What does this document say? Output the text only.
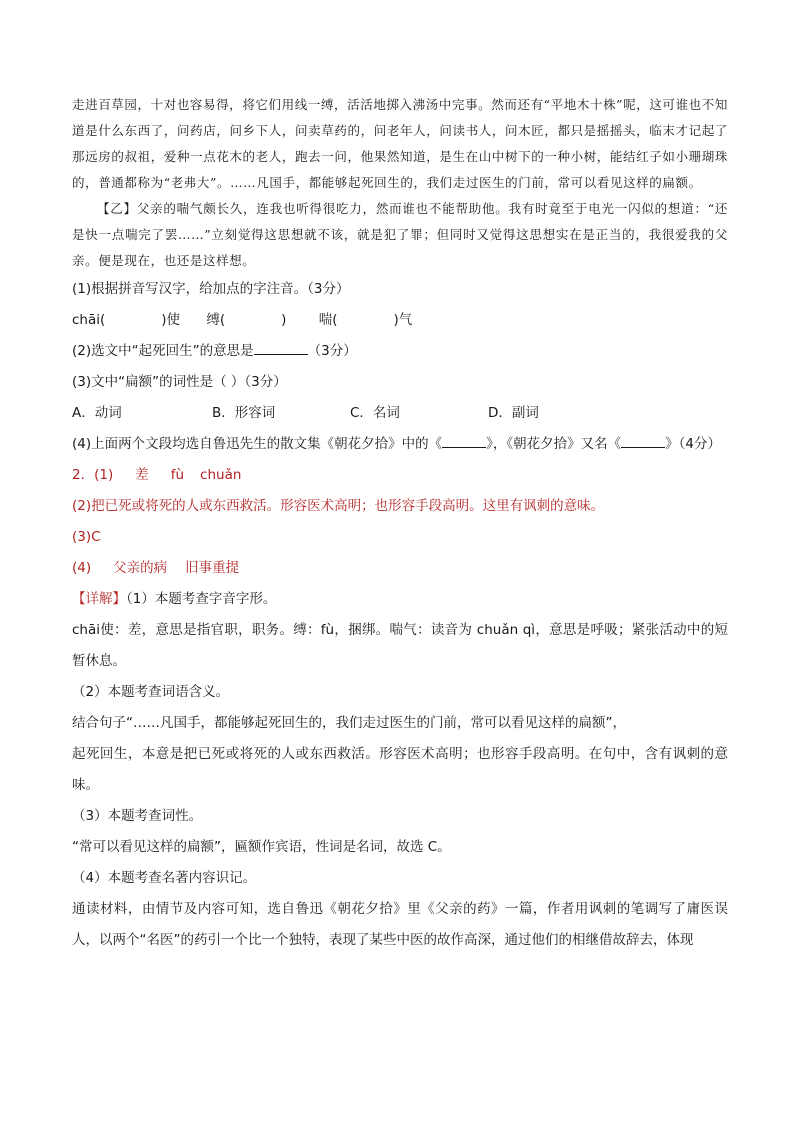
走进百草园，十对也容易得，将它们用线一缚，活活地掷入沸汤中完事。然而还有“平地木十株”呢，这可谁也不知道是什么东西了，问药店，问乡下人，问卖草药的，问老年人，问读书人，问木匠，都只是摇摇头，临末才记起了那远房的叔祖，爱种一点花木的老人，跑去一问，他果然知道，是生在山中树下的一种小树，能结红子如小珊瑚珠的，普通都称为“老弗大”。……凡国手，都能够起死回生的，我们走过医生的门前，常可以看见这样的扁额。

【乙】父亲的喘气颇长久，连我也听得很吃力，然而谁也不能帮助他。我有时竟至于电光一闪似的想道：“还是快一点喘完了罢……”立刻觉得这思想就不该，就是犯了罪；但同时又觉得这思想实在是正当的，我很爱我的父亲。便是现在，也还是这样想。

(1)根据拼音写汉字，给加点的字注音。（3分）

chāi(	)使 缚(	) 喘(	)气

(2)选文中“起死回生”的意思是	（3分）

(3)文中“扁额”的词性是（ ）（3分）

A．动词	B．形容词	C．名词	D．副词

(4)上面两个文段均选自鲁迅先生的散文集《朝花夕拾》中的《	》，《朝花夕拾》又名《	》（4分）

2．(1) 差 fù chuǎn

(2)把已死或将死的人或东西救活。形容医术高明；也形容手段高明。这里有讽刺的意味。

(3)C

(4) 父亲的病 旧事重提

【详解】（1）本题考查字音字形。

chāi使：差，意思是指官职，职务。缚：fù，捆绑。喘气：读音为 chuǎn qì，意思是呼吸；紧张活动中的短暂休息。

（2）本题考查词语含义。

结合句子“……凡国手，都能够起死回生的，我们走过医生的门前，常可以看见这样的扁额”，

起死回生，本意是把已死或将死的人或东西救活。形容医术高明；也形容手段高明。在句中，含有讽刺的意味。

（3）本题考查词性。

“常可以看见这样的扁额”，匾额作宾语，性词是名词，故选 C。

（4）本题考查名著内容识记。

通读材料，由情节及内容可知，选自鲁迅《朝花夕拾》里《父亲的药》一篇，作者用讽刺的笔调写了庸医误人，以两个“名医”的药引一个比一个独特，表现了某些中医的故作高深，通过他们的相继借故辞去，体现
